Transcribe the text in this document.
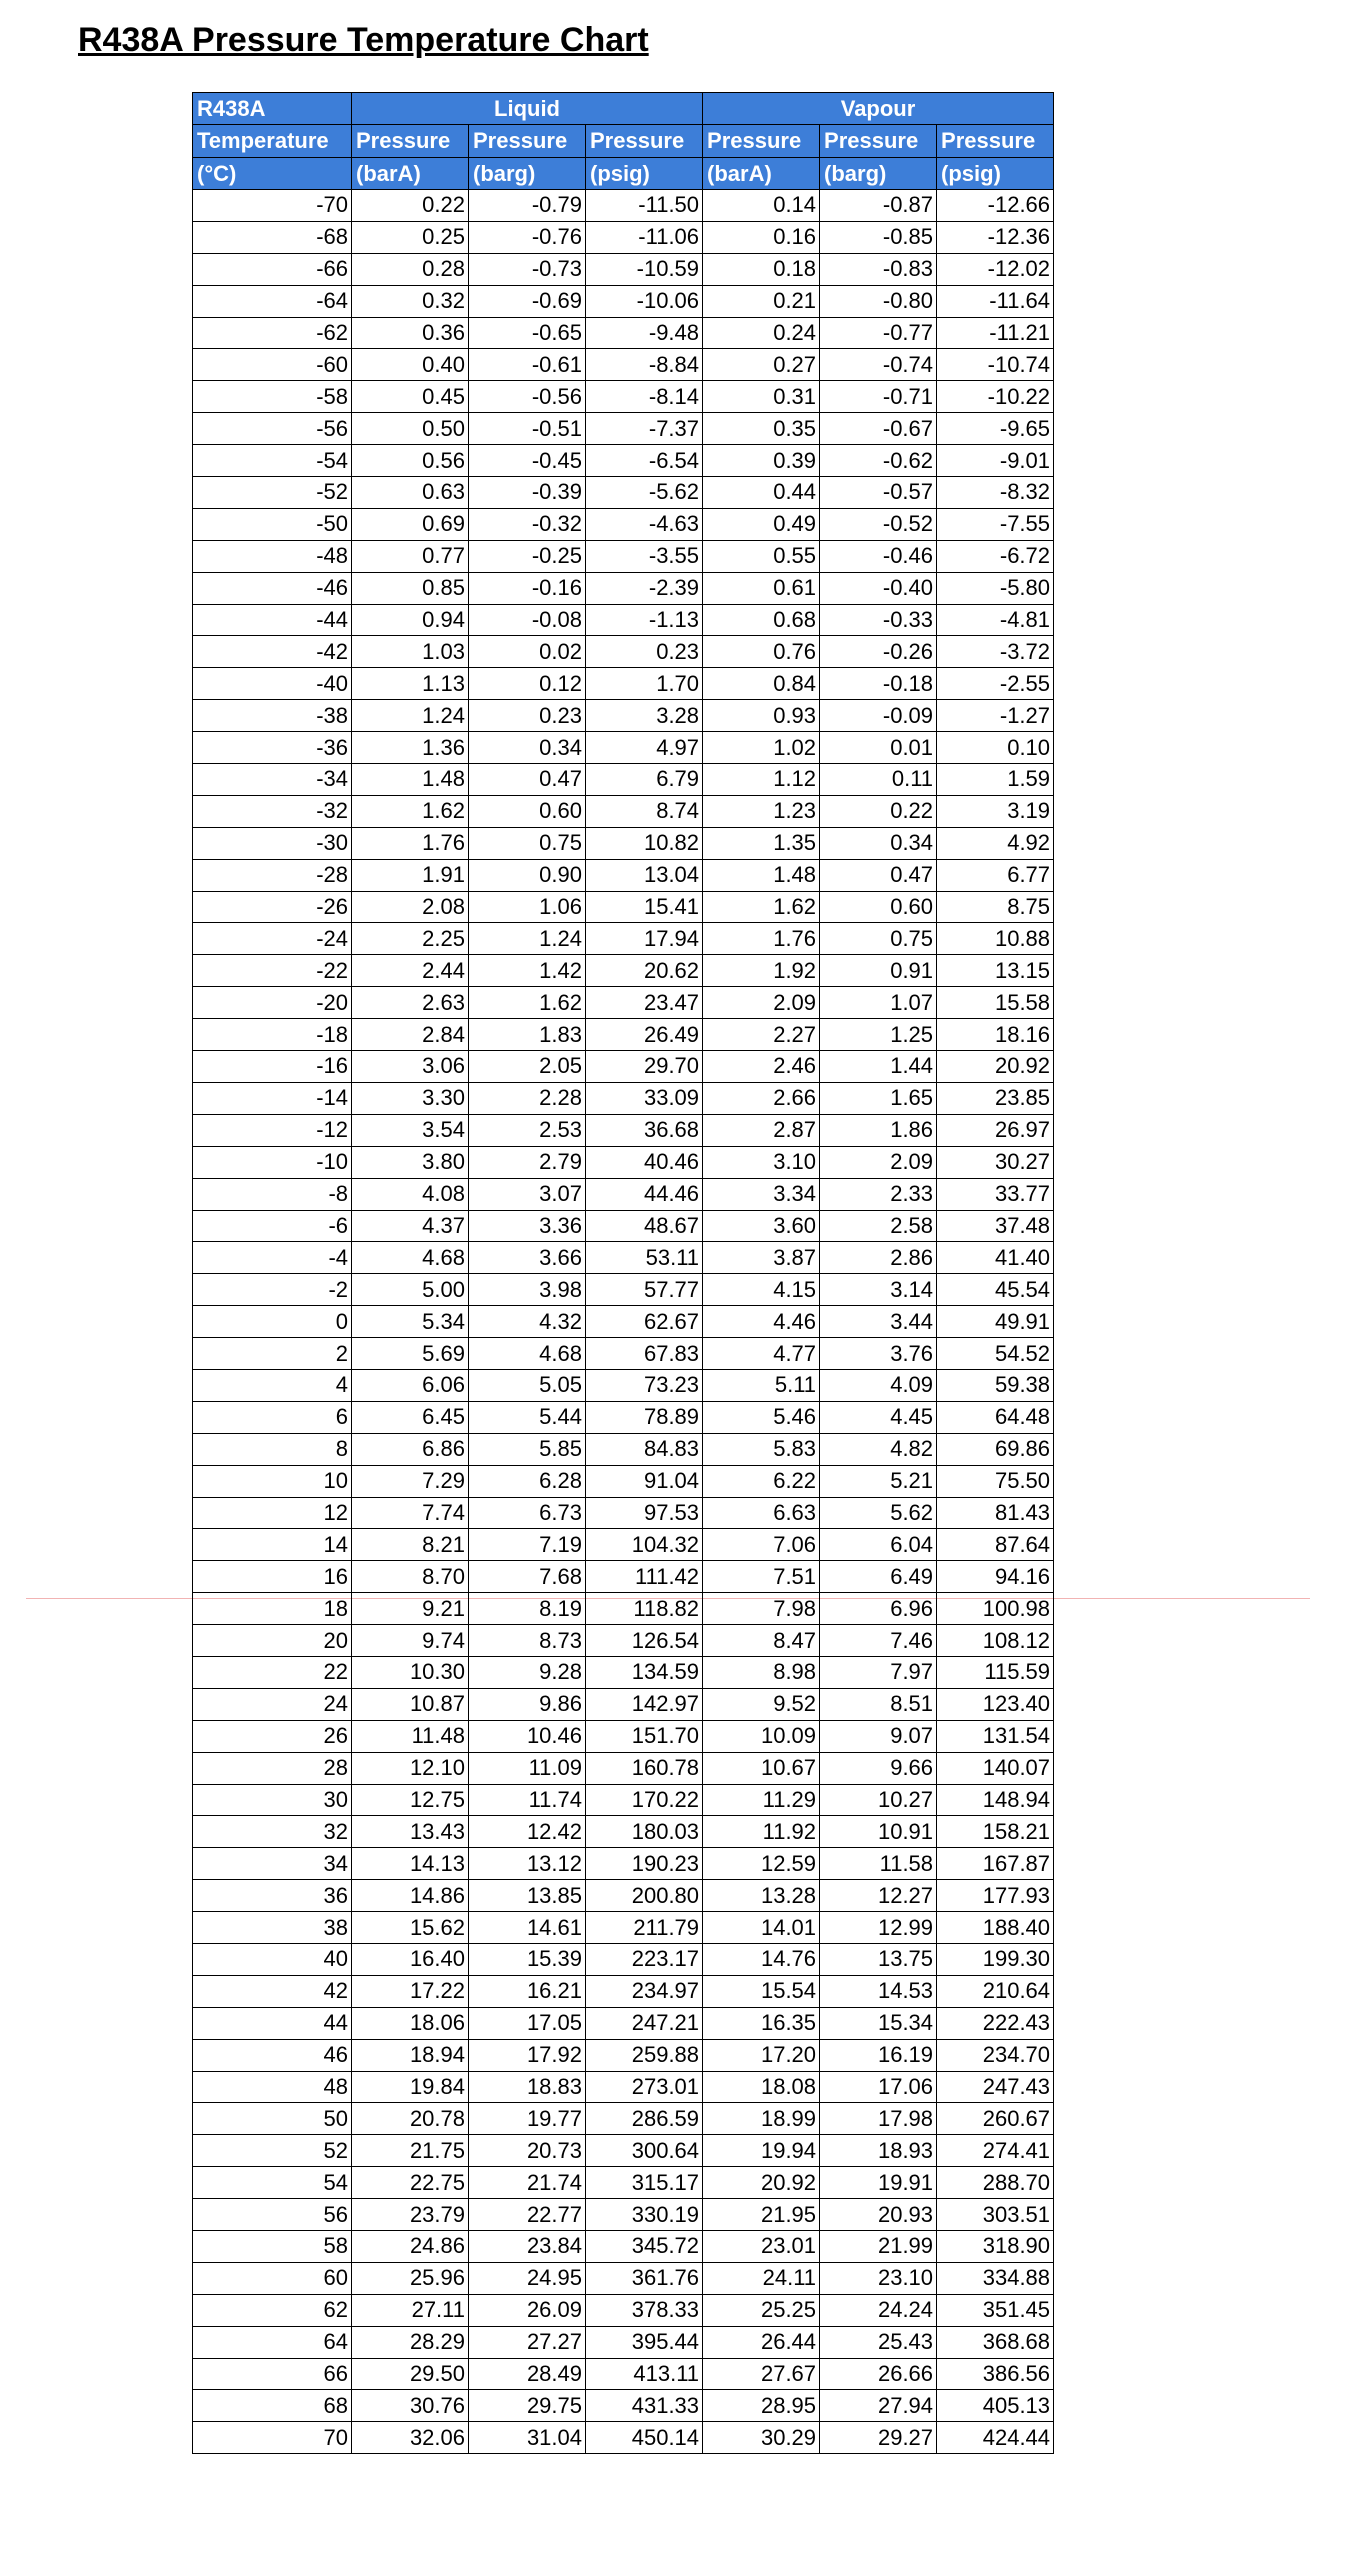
R438A Pressure Temperature Chart
R438A	Liquid			Vapour		
Temperature	Pressure	Pressure	Pressure	Pressure	Pressure	Pressure
(°C)	(barA)	(barg)	(psig)	(barA)	(barg)	(psig)
-70	0.22	-0.79	-11.50	0.14	-0.87	-12.66
-68	0.25	-0.76	-11.06	0.16	-0.85	-12.36
-66	0.28	-0.73	-10.59	0.18	-0.83	-12.02
-64	0.32	-0.69	-10.06	0.21	-0.80	-11.64
-62	0.36	-0.65	-9.48	0.24	-0.77	-11.21
-60	0.40	-0.61	-8.84	0.27	-0.74	-10.74
-58	0.45	-0.56	-8.14	0.31	-0.71	-10.22
-56	0.50	-0.51	-7.37	0.35	-0.67	-9.65
-54	0.56	-0.45	-6.54	0.39	-0.62	-9.01
-52	0.63	-0.39	-5.62	0.44	-0.57	-8.32
-50	0.69	-0.32	-4.63	0.49	-0.52	-7.55
-48	0.77	-0.25	-3.55	0.55	-0.46	-6.72
-46	0.85	-0.16	-2.39	0.61	-0.40	-5.80
-44	0.94	-0.08	-1.13	0.68	-0.33	-4.81
-42	1.03	0.02	0.23	0.76	-0.26	-3.72
-40	1.13	0.12	1.70	0.84	-0.18	-2.55
-38	1.24	0.23	3.28	0.93	-0.09	-1.27
-36	1.36	0.34	4.97	1.02	0.01	0.10
-34	1.48	0.47	6.79	1.12	0.11	1.59
-32	1.62	0.60	8.74	1.23	0.22	3.19
-30	1.76	0.75	10.82	1.35	0.34	4.92
-28	1.91	0.90	13.04	1.48	0.47	6.77
-26	2.08	1.06	15.41	1.62	0.60	8.75
-24	2.25	1.24	17.94	1.76	0.75	10.88
-22	2.44	1.42	20.62	1.92	0.91	13.15
-20	2.63	1.62	23.47	2.09	1.07	15.58
-18	2.84	1.83	26.49	2.27	1.25	18.16
-16	3.06	2.05	29.70	2.46	1.44	20.92
-14	3.30	2.28	33.09	2.66	1.65	23.85
-12	3.54	2.53	36.68	2.87	1.86	26.97
-10	3.80	2.79	40.46	3.10	2.09	30.27
-8	4.08	3.07	44.46	3.34	2.33	33.77
-6	4.37	3.36	48.67	3.60	2.58	37.48
-4	4.68	3.66	53.11	3.87	2.86	41.40
-2	5.00	3.98	57.77	4.15	3.14	45.54
0	5.34	4.32	62.67	4.46	3.44	49.91
2	5.69	4.68	67.83	4.77	3.76	54.52
4	6.06	5.05	73.23	5.11	4.09	59.38
6	6.45	5.44	78.89	5.46	4.45	64.48
8	6.86	5.85	84.83	5.83	4.82	69.86
10	7.29	6.28	91.04	6.22	5.21	75.50
12	7.74	6.73	97.53	6.63	5.62	81.43
14	8.21	7.19	104.32	7.06	6.04	87.64
16	8.70	7.68	111.42	7.51	6.49	94.16
18	9.21	8.19	118.82	7.98	6.96	100.98
20	9.74	8.73	126.54	8.47	7.46	108.12
22	10.30	9.28	134.59	8.98	7.97	115.59
24	10.87	9.86	142.97	9.52	8.51	123.40
26	11.48	10.46	151.70	10.09	9.07	131.54
28	12.10	11.09	160.78	10.67	9.66	140.07
30	12.75	11.74	170.22	11.29	10.27	148.94
32	13.43	12.42	180.03	11.92	10.91	158.21
34	14.13	13.12	190.23	12.59	11.58	167.87
36	14.86	13.85	200.80	13.28	12.27	177.93
38	15.62	14.61	211.79	14.01	12.99	188.40
40	16.40	15.39	223.17	14.76	13.75	199.30
42	17.22	16.21	234.97	15.54	14.53	210.64
44	18.06	17.05	247.21	16.35	15.34	222.43
46	18.94	17.92	259.88	17.20	16.19	234.70
48	19.84	18.83	273.01	18.08	17.06	247.43
50	20.78	19.77	286.59	18.99	17.98	260.67
52	21.75	20.73	300.64	19.94	18.93	274.41
54	22.75	21.74	315.17	20.92	19.91	288.70
56	23.79	22.77	330.19	21.95	20.93	303.51
58	24.86	23.84	345.72	23.01	21.99	318.90
60	25.96	24.95	361.76	24.11	23.10	334.88
62	27.11	26.09	378.33	25.25	24.24	351.45
64	28.29	27.27	395.44	26.44	25.43	368.68
66	29.50	28.49	413.11	27.67	26.66	386.56
68	30.76	29.75	431.33	28.95	27.94	405.13
70	32.06	31.04	450.14	30.29	29.27	424.44
